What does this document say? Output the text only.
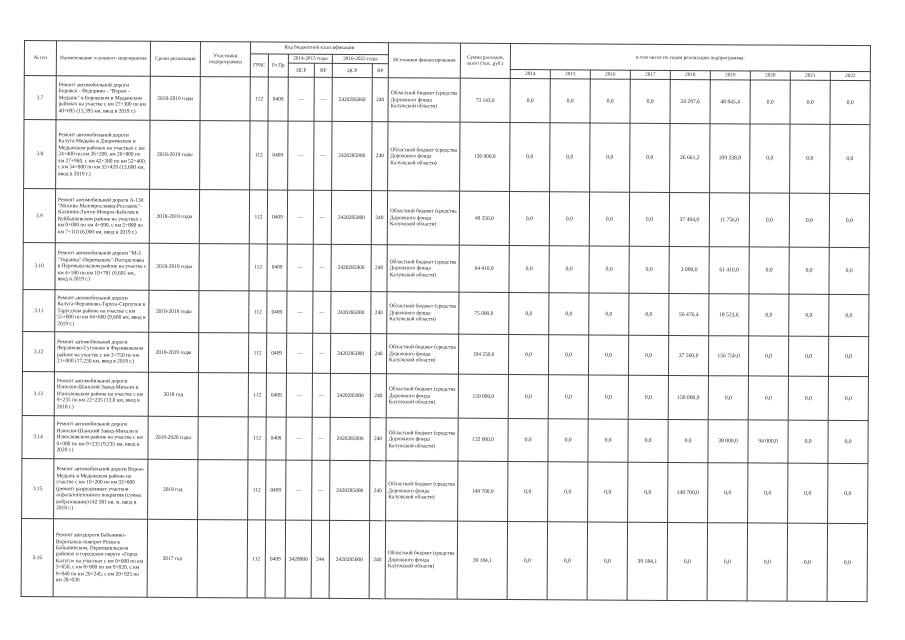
№ п/п	Наименование основного мероприятия	Сроки реализации	Участники подпрограммы	Код бюджетной классификации						Источники финансирования	Сумма расходов, всего (тыс. руб.)	в том числе по годам реализации подпрограммы:								
				ГРБС	Рз Пр	2014-2015 годы		2016-2022 годы												
						ЦСР	ВР	ЦСР	ВР											
												2014	2015	2016	2017	2018	2019	2020	2021	2022
3.7	Ремонт автомобильной дороги Боровск - Федорино - "Ворон - Медынь" в Боровском и Медынском районах на участке с км 27+300 по км 40+695 (13,395 км, ввод в 2019 г.)	2018-2019 годы		112	0409	—	—	2420285060	240	Областной бюджет (средства Дорожного фонда Калужской области)	73 143,0	0,0	0,0	0,0	0,0	24 297,6	48 845,4	0,0	0,0	0,0
3.8	Ремонт автомобильной дороги Калуга-Медынь в Дзержинском и Медынском районах на участках с км 24+400 по км 26+200, км 26+800 по км 27+960, с км 42+380 по км 52+400, с км 54+800 по км 55+420 (13,600 км, ввод в 2019 г.)	2018-2019 годы		112	0409	—	—	2420285000	240	Областной бюджет (средства Дорожного фонда Калужской области)	136 000,0	0,0	0,0	0,0	0,0	26 661,2	109 338,8	0,0	0,0	0,0
3.9	Ремонт автомобильной дороги А-130 "Москва-Малоярославец-Рославль"-Калинин-Лютое-Мокрое-Бебелев в Куйбышевском районе на участках с км 0+000 по км 4+690, с км 5+800 по км 7+110 (6,000 км, ввод в 2019 г.)	2018-2019 годы		112	0409	—	—	2420285000	240	Областной бюджет (средства Дорожного фонда Калужской области)	49 250,0	0,0	0,0	0,0	0,0	37 494,0	11 756,0	0,0	0,0	0,0
3.10	Ремонт автомобильной дороги "М-3 "Украина"-Перемышль"-Погореловка в Перемышльском районе на участке с км 4+180 по км 10+781 (6,601 км, ввод в 2019 г.)	2018-2019 годы		112	0409	—	—	2420285000	240	Областной бюджет (средства Дорожного фонда Калужской области)	64 410,0	0,0	0,0	0,0	0,0	3 000,0	61 410,0	0,0	0,0	0,0
3.11	Ремонт автомобильной дороги Калуга-Ферзиково-Таруса-Серпухов в Тарусском районе на участке с км 55+000 по км 64+600 (9,600 км, ввод в 2019 г.)	2018-2019 годы		112	0409	—	—	2420285000	240	Областной бюджет (средства Дорожного фонда Калужской области)	75 000,0	0,0	0,0	0,0	0,0	56 476,4	18 523,6	0,0	0,0	0,0
3.12	Ремонт автомобильной дороги Ферзиково-Сугоново в Ферзиковском районе на участке с км 3+750 по км 21+000 (17,250 км, ввод в 2019 г.)	2018-2019 годы		112	0409	—	—	2420285000	240	Областной бюджет (средства Дорожного фонда Калужской области)	194 250,0	0,0	0,0	0,0	0,0	37 500,0	156 750,0	0,0	0,0	0,0
3.13	Ремонт автомобильной дороги Износки-Шанский Завод-Михали в Износковском районе на участке с км 9+235 по км 22+235 (13,0 км, ввод в 2018 г.)	2018 год		112	0409	—	—	2420285000	240	Областной бюджет (средства Дорожного фонда Калужской области)	150 000,0	0,0	0,0	0,0	0,0	150 000,0	0,0	0,0	0,0	0,0
3.14	Ремонт автомобильной дороги Износки-Шанский Завод-Михали в Износковском районе на участке с км 0+000 по км 9+235 (9,235 км, ввод в 2020 г.)	2019-2020 годы		112	0409	—	—	2420285000	240	Областной бюджет (средства Дорожного фонда Калужской области)	132 000,0	0,0	0,0	0,0	0,0	0,0	38 000,0	94 000,0	0,0	0,0
3.15	Ремонт автомобильной дороги Ворон-Медынь в Медынском районе на участке с км 10+200 по км 33+000 (ремонт разрушенных участков асфальтобетонного покрытия (сумма вобразование) (42 581 кв. м, ввод в 2018 г.)	2018 год		112	0409	—	—	2420285000	240	Областной бюджет (средства Дорожного фонда Калужской области)	149 700,0	0,0	0,0	0,0	0,0	149 700,0	0,0	0,0	0,0	0,0
3.16	Ремонт автодороги Бабынино-Воротынск-поворот Росва в Бабынинском, Перемышльском районах и городском округе «Город Калуга» на участках с км 0+000 по км 3+650, с км 8+800 по км 9+020, с км 9+040 по км 20+245, с км 20+925 по км 28+030	2017 год		112	0409	3428900	244	2420285000	240	Областной бюджет (средства Дорожного фонда Калужской области)	39 184,1	0,0	0,0	0,0	39 184,1	0,0	0,0	0,0	0,0	0,0
